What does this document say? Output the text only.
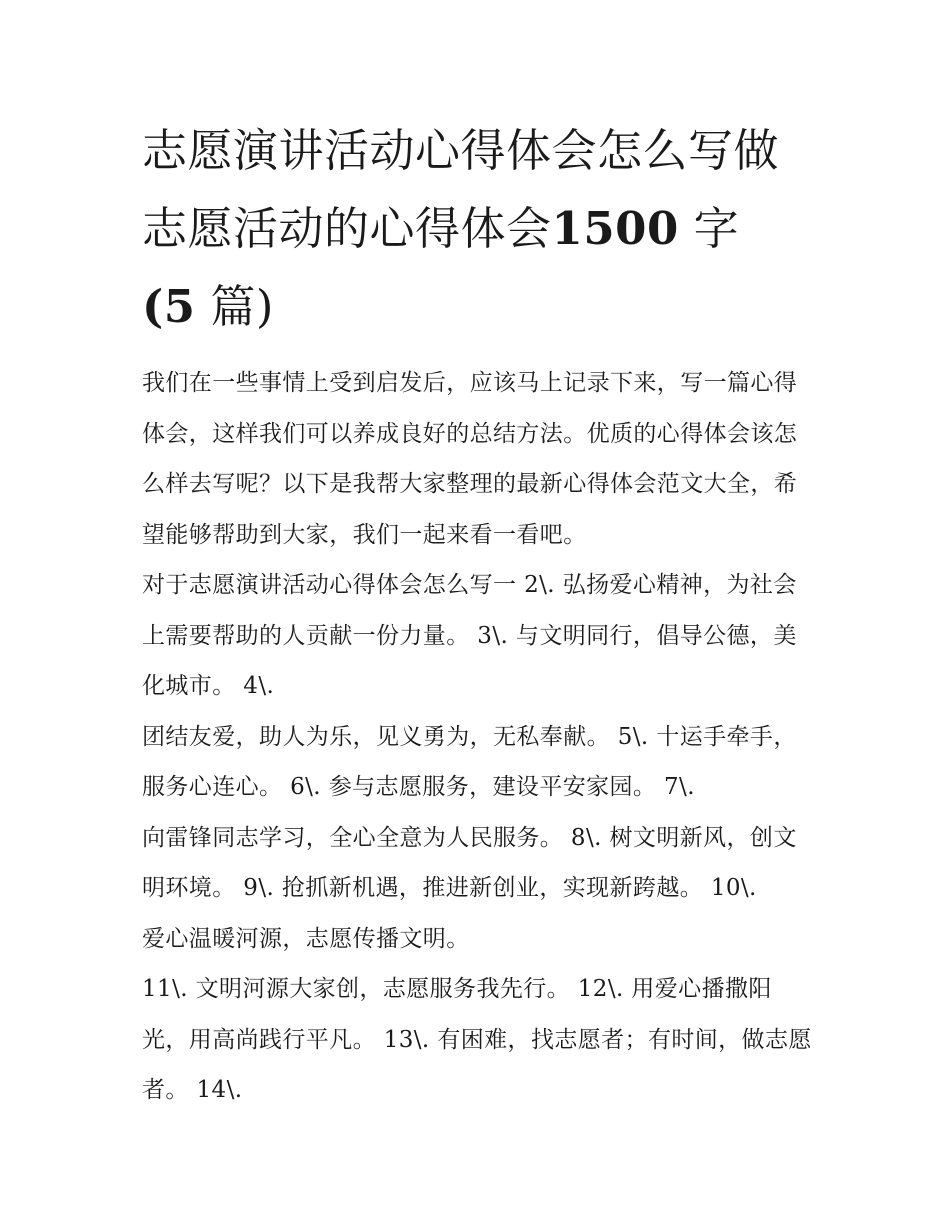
志愿演讲活动心得体会怎么写做志愿活动的心得体会1500 字
(5 篇)

我们在一些事情上受到启发后，应该马上记录下来，写一篇心得体会，这样我们可以养成良好的总结方法。优质的心得体会该怎么样去写呢？以下是我帮大家整理的最新心得体会范文大全，希望能够帮助到大家，我们一起来看一看吧。

对于志愿演讲活动心得体会怎么写一 2\. 弘扬爱心精神，为社会上需要帮助的人贡献一份力量。 3\. 与文明同行，倡导公德，美化城市。 4\.

团结友爱，助人为乐，见义勇为，无私奉献。 5\. 十运手牵手，服务心连心。 6\. 参与志愿服务，建设平安家园。 7\.

向雷锋同志学习，全心全意为人民服务。 8\. 树文明新风，创文明环境。 9\. 抢抓新机遇，推进新创业，实现新跨越。 10\.
爱心温暖河源，志愿传播文明。

11\. 文明河源大家创，志愿服务我先行。 12\. 用爱心播撒阳光，用高尚践行平凡。 13\. 有困难，找志愿者；有时间，做志愿者。 14\.
